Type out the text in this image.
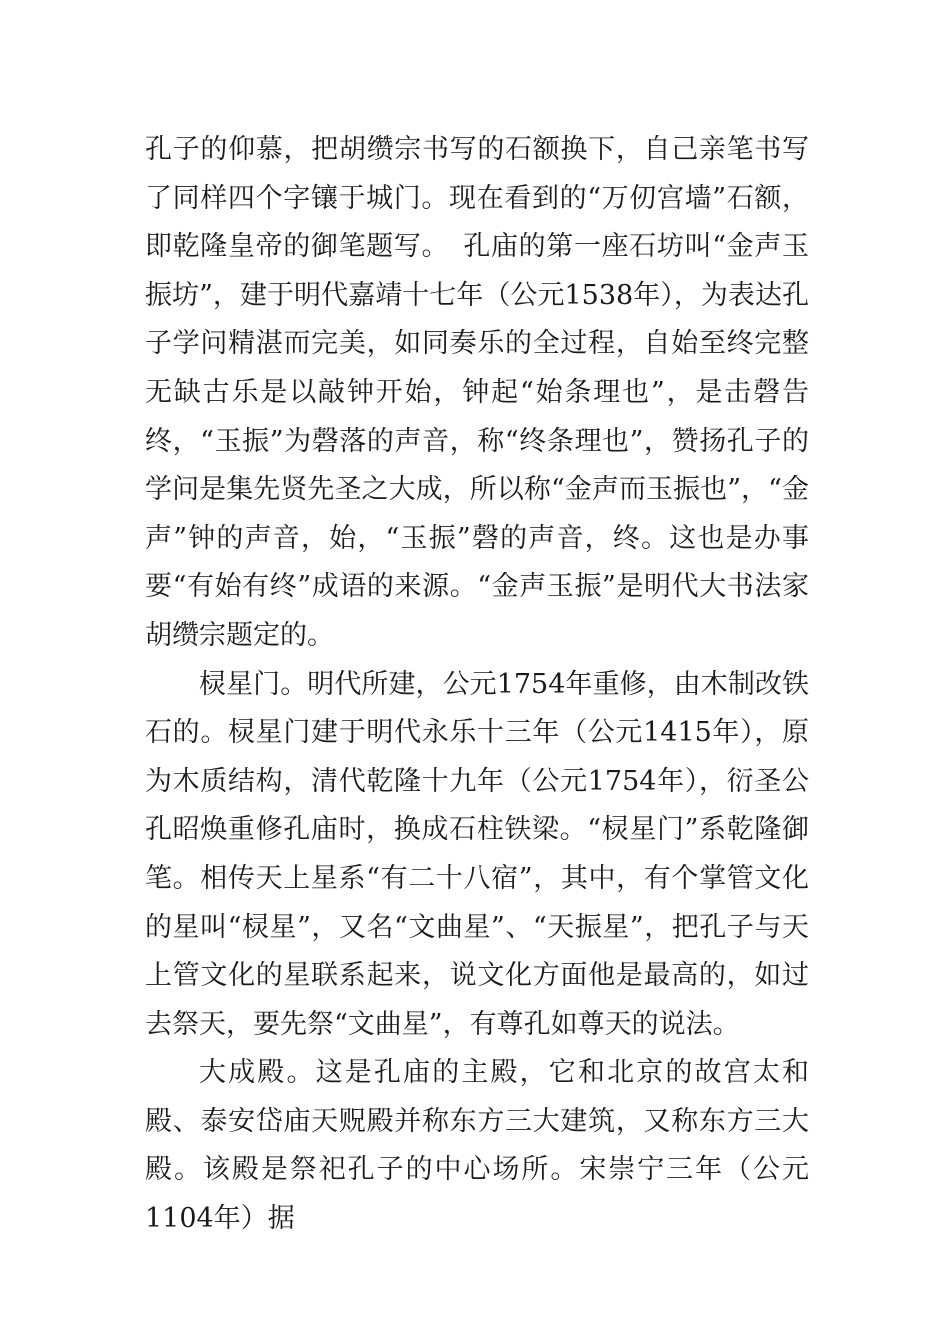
孔子的仰慕，把胡缵宗书写的石额换下，自己亲笔书写了同样四个字镶于城门。现在看到的“万仞宫墙”石额，即乾隆皇帝的御笔题写。　孔庙的第一座石坊叫“金声玉振坊”，建于明代嘉靖十七年（公元1538年），为表达孔子学问精湛而完美，如同奏乐的全过程，自始至终完整无缺古乐是以敲钟开始，钟起“始条理也”，是击磬告终，“玉振”为磬落的声音，称“终条理也”，赞扬孔子的学问是集先贤先圣之大成，所以称“金声而玉振也”，“金声”钟的声音，始，“玉振”磬的声音，终。这也是办事要“有始有终”成语的来源。“金声玉振”是明代大书法家胡缵宗题定的。

棂星门。明代所建，公元1754年重修，由木制改铁石的。棂星门建于明代永乐十三年（公元1415年），原为木质结构，清代乾隆十九年（公元1754年），衍圣公孔昭焕重修孔庙时，换成石柱铁梁。“棂星门”系乾隆御笔。相传天上星系“有二十八宿”，其中，有个掌管文化的星叫“棂星”，又名“文曲星”、“天振星”，把孔子与天上管文化的星联系起来，说文化方面他是最高的，如过去祭天，要先祭“文曲星”，有尊孔如尊天的说法。

大成殿。这是孔庙的主殿，它和北京的故宫太和殿、泰安岱庙天贶殿并称东方三大建筑，又称东方三大殿。该殿是祭祀孔子的中心场所。宋崇宁三年（公元1104年）据
